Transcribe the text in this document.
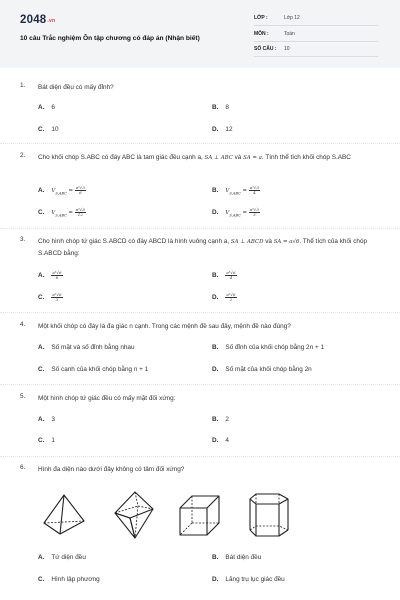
2048.vn
10 câu Trắc nghiệm Ôn tập chương có đáp án (Nhận biết)
LỚP :	Lớp 12
MÔN :	Toán
SỐ CÂU : 10
1. Bát diện đều có mấy đỉnh?
A. 6	B. 8
C. 10	D. 12
2. Cho khối chóp S.ABC có đáy ABC là tam giác đều cạnh a, SA ⊥ ABC và SA = a. Tính thể tích khối chóp S.ABC
A. $V_{S.ABC} = \frac{\text{a³√3}}{6}$	B. $V_{S.ABC} = \frac{\text{a³√3}}{4}$
C. $V_{S.ABC} = \frac{\text{a³√3}}{12}$	D. $V_{S.ABC} = \frac{\text{a³√3}}{3}$
3. Cho hình chóp tứ giác S.ABCD có đáy ABCD là hình vuông cạnh a, SA ⊥ ABCD và SA = a√6. Thể tích của khối chóp S.ABCD bằng:
A. $\frac{\text{a³√6}}{6}$	B. $\frac{\text{a³√6}}{4}$
C. $\frac{\text{a³√6}}{3}$	D. $\frac{\text{a³√6}}{2}$
4. Một khối chóp có đáy là đa giác n cạnh. Trong các mệnh đề sau đây, mệnh đề nào đúng?
A. Số mặt và số đỉnh bằng nhau	B. Số đỉnh của khối chóp bằng 2n + 1
C. Số cạnh của khối chóp bằng n + 1	D. Số mặt của khối chóp bằng 2n
5. Một hình chóp tứ giác đều có mấy mặt đối xứng:
A. 3	B. 2
C. 1	D. 4
6. Hình đa diện nào dưới đây không có tâm đối xứng?
A. Tứ diện đều	B. Bát diện đều
C. Hình lập phương	D. Lăng trụ lục giác đều
